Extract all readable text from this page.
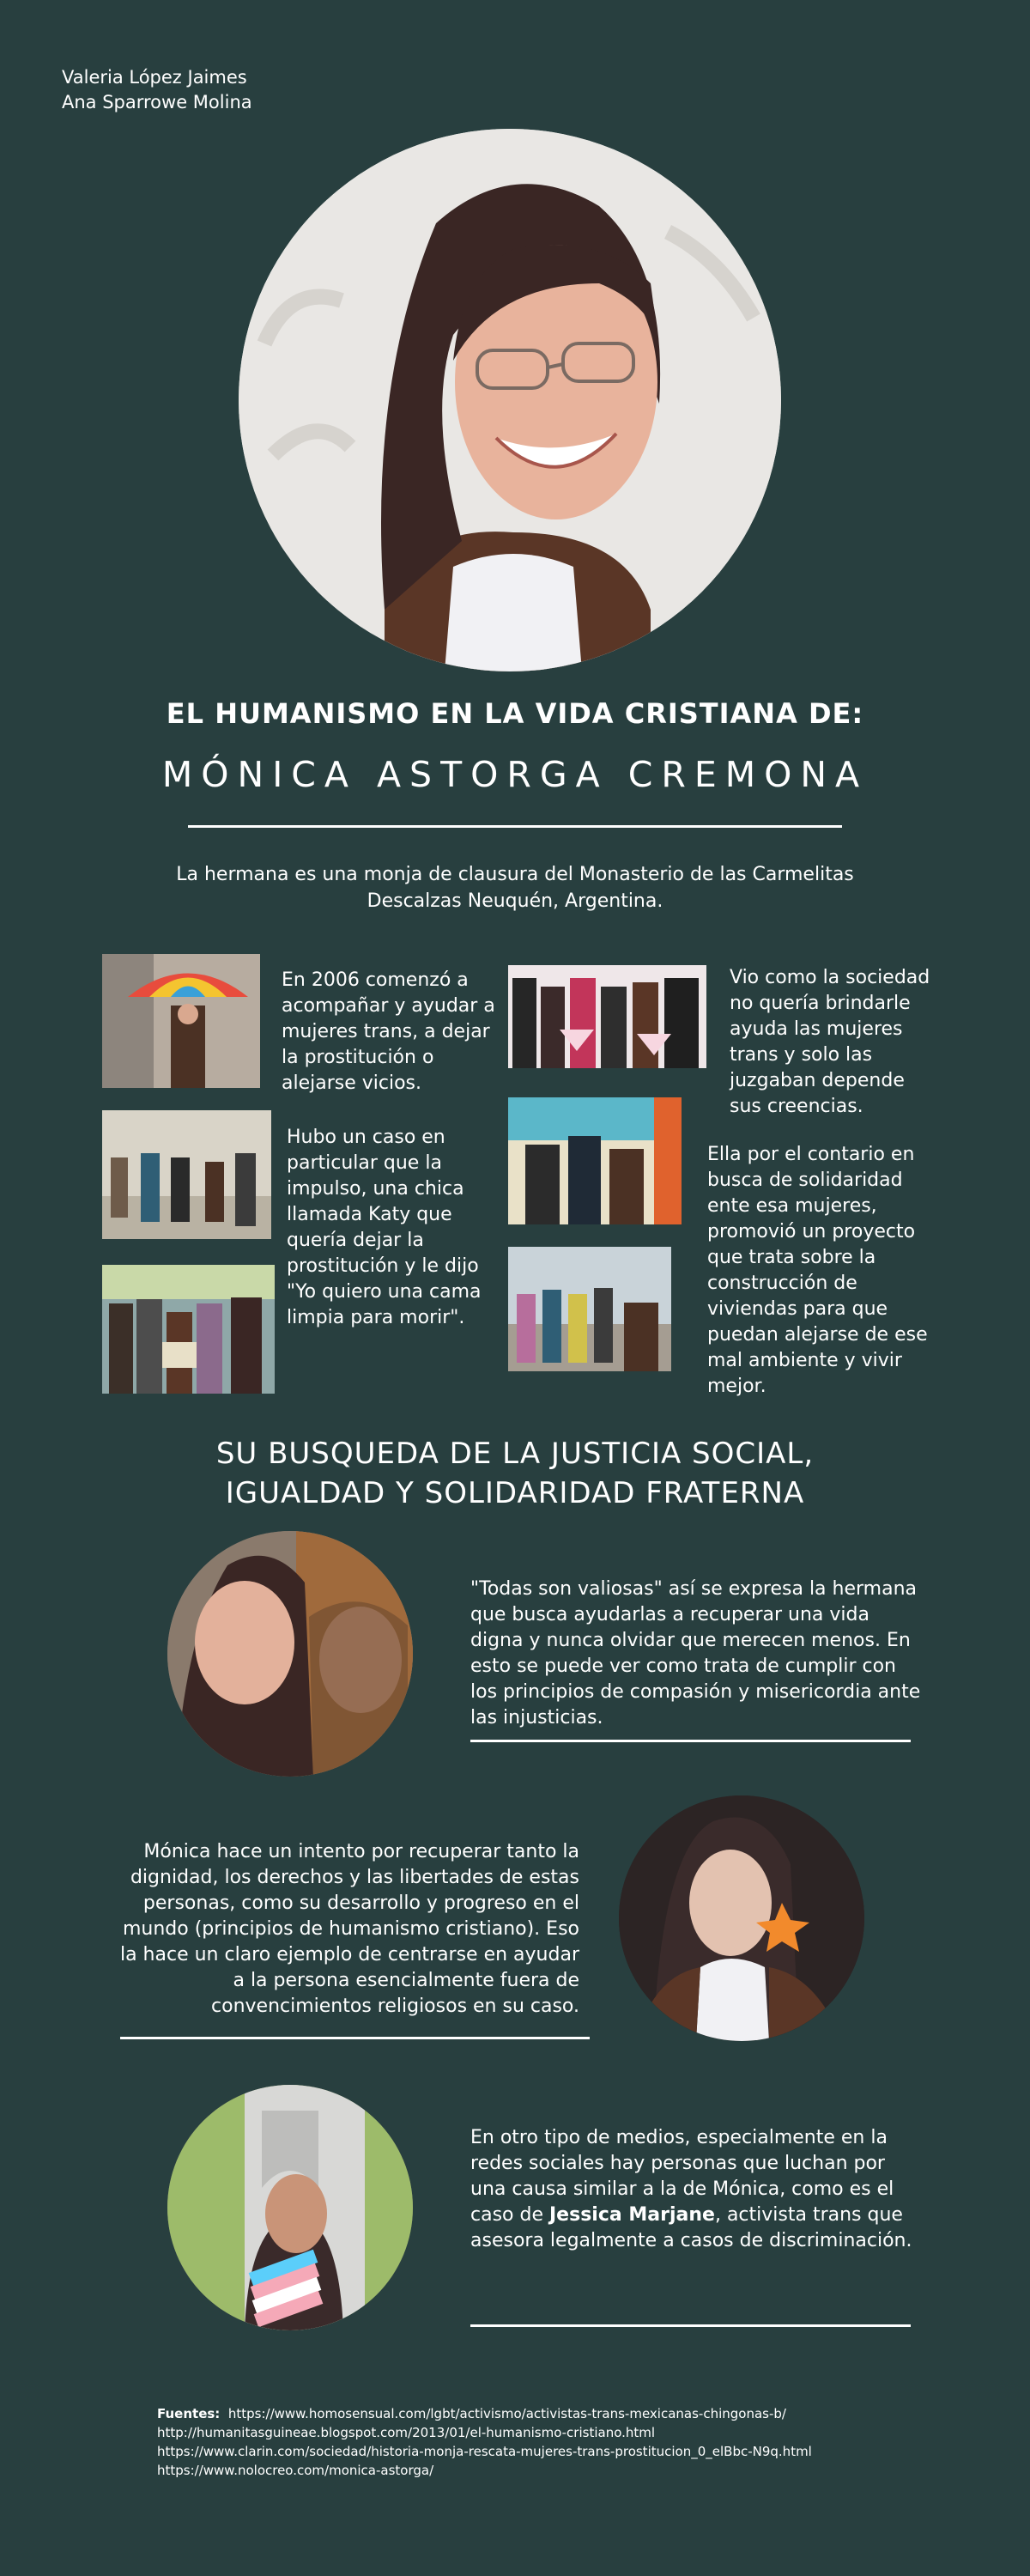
Valeria López Jaimes
Ana Sparrowe Molina
EL HUMANISMO EN LA VIDA CRISTIANA DE:
MÓNICA ASTORGA CREMONA
La hermana es una monja de clausura del Monasterio de las Carmelitas Descalzas Neuquén, Argentina.
En 2006 comenzó a acompañar y ayudar a mujeres trans, a dejar la prostitución o alejarse vicios.
Hubo un caso en particular que la impulso, una chica llamada Katy que quería dejar la prostitución y le dijo "Yo quiero una cama limpia para morir".
Vio como la sociedad no quería brindarle ayuda las mujeres trans y solo las juzgaban depende sus creencias.
Ella por el contario en busca de solidaridad ente esa mujeres, promovió un proyecto que trata sobre la construcción de viviendas para que puedan alejarse de ese mal ambiente y vivir mejor.
SU BUSQUEDA DE LA JUSTICIA SOCIAL,
IGUALDAD Y SOLIDARIDAD FRATERNA
"Todas son valiosas" así se expresa la hermana que busca ayudarlas a recuperar una vida digna y nunca olvidar que merecen menos. En esto se puede ver como trata de cumplir con los principios de compasión y misericordia ante las injusticias.
Mónica hace un intento por recuperar tanto la dignidad, los derechos y las libertades de estas personas, como su desarrollo y progreso en el mundo (principios de humanismo cristiano). Eso la hace un claro ejemplo de centrarse en ayudar a la persona esencialmente fuera de convencimientos religiosos en su caso.
En otro tipo de medios, especialmente en la redes sociales hay personas que luchan por una causa similar a la de Mónica, como es el caso de Jessica Marjane, activista trans que asesora legalmente a casos de discriminación.
Fuentes: https://www.homosensual.com/lgbt/activismo/activistas-trans-mexicanas-chingonas-b/
http://humanitasguineae.blogspot.com/2013/01/el-humanismo-cristiano.html
https://www.clarin.com/sociedad/historia-monja-rescata-mujeres-trans-prostitucion_0_elBbc-N9q.html
https://www.nolocreo.com/monica-astorga/
